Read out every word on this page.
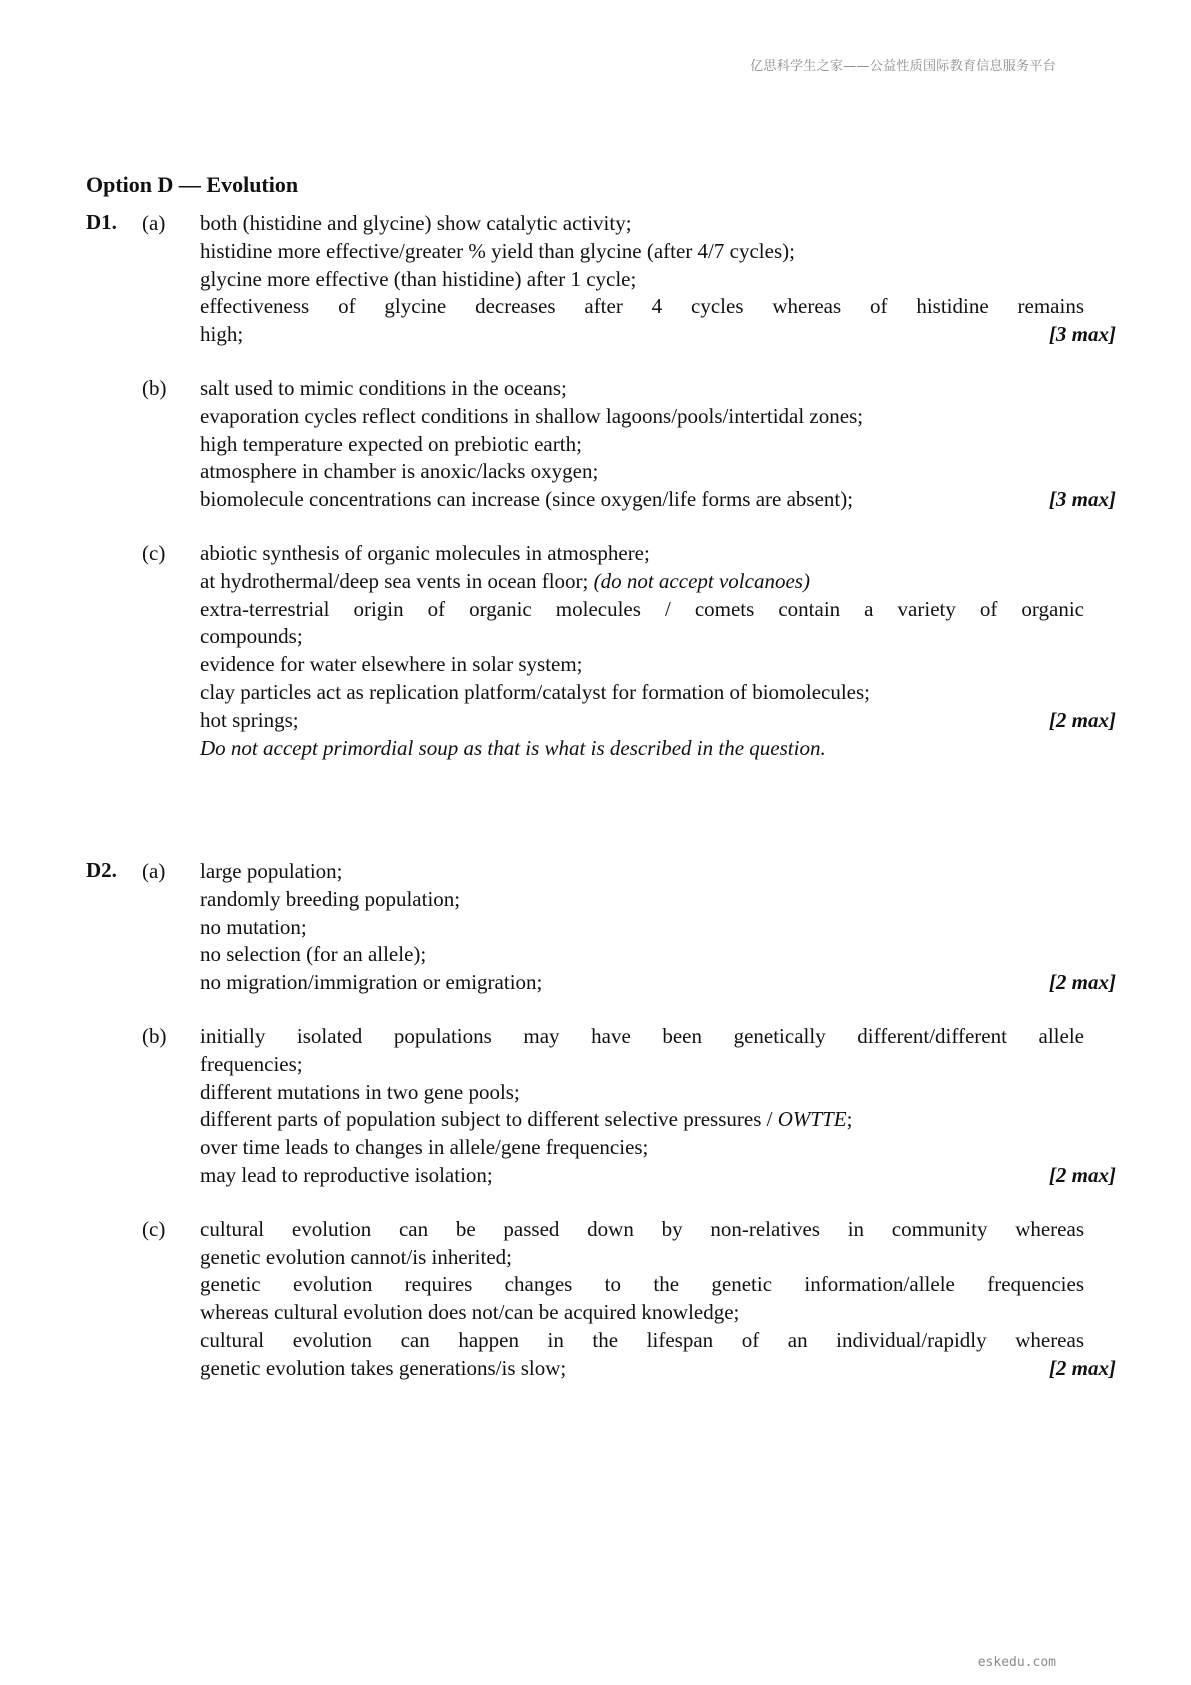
亿思科学生之家——公益性质国际教育信息服务平台
Option D — Evolution
D1. (a) both (histidine and glycine) show catalytic activity;
histidine more effective/greater % yield than glycine (after 4/7 cycles);
glycine more effective (than histidine) after 1 cycle;
effectiveness of glycine decreases after 4 cycles whereas of histidine remains
high;	[3 max]
(b) salt used to mimic conditions in the oceans;
evaporation cycles reflect conditions in shallow lagoons/pools/intertidal zones;
high temperature expected on prebiotic earth;
atmosphere in chamber is anoxic/lacks oxygen;
biomolecule concentrations can increase (since oxygen/life forms are absent);	[3 max]
(c) abiotic synthesis of organic molecules in atmosphere;
at hydrothermal/deep sea vents in ocean floor; (do not accept volcanoes)
extra-terrestrial origin of organic molecules / comets contain a variety of organic
compounds;
evidence for water elsewhere in solar system;
clay particles act as replication platform/catalyst for formation of biomolecules;
hot springs;
Do not accept primordial soup as that is what is described in the question.
[2 max]
D2. (a) large population;
randomly breeding population;
no mutation;
no selection (for an allele);
no migration/immigration or emigration;	[2 max]
(b) initially isolated populations may have been genetically different/different allele
frequencies;
different mutations in two gene pools;
different parts of population subject to different selective pressures / OWTTE;
over time leads to changes in allele/gene frequencies;
may lead to reproductive isolation;	[2 max]
(c) cultural evolution can be passed down by non-relatives in community whereas
genetic evolution cannot/is inherited;
genetic evolution requires changes to the genetic information/allele frequencies
whereas cultural evolution does not/can be acquired knowledge;
cultural evolution can happen in the lifespan of an individual/rapidly whereas
genetic evolution takes generations/is slow;	[2 max]
eskedu.com
